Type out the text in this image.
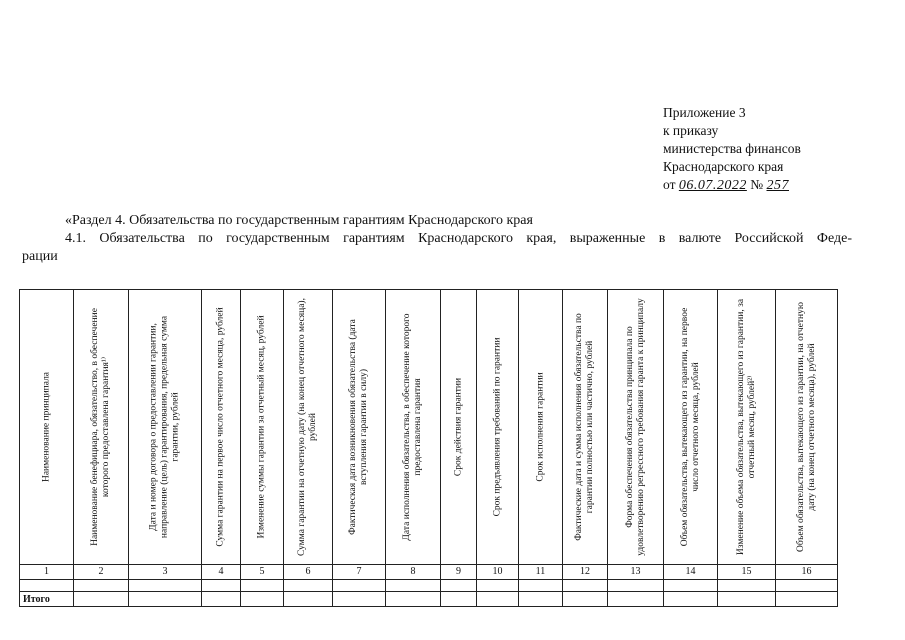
Приложение 3
к приказу
министерства финансов
Краснодарского края
от 06.07.2022 № 257
«Раздел 4. Обязательства по государственным гарантиям Краснодарского края
4.1. Обязательства по государственным гарантиям Краснодарского края, выраженные в валюте Российской Феде-
рации
Наименование принципала	Наименование бенефициара, обязательство, в обеспечение которого предоставлена гарантия¹⁾	Дата и номер договора о предоставлении гарантии, направление (цель) гарантирования, предельная сумма гарантии, рублей	Сумма гарантии на первое число отчетного месяца, рублей	Изменение суммы гарантии за отчетный месяц, рублей	Сумма гарантии на отчетную дату (на конец отчетного месяца), рублей	Фактическая дата возникновения обязательства (дата вступления гарантии в силу)	Дата исполнения обязательства, в обеспечение которого предоставлена гарантия	Срок действия гарантии	Срок предъявления требований по гарантии	Срок исполнения гарантии	Фактические дата и сумма исполнения обязательства по гарантии полностью или частично, рублей	Форма обеспечения обязательства принципала по удовлетворению регрессного требования гаранта к принципалу	Объем обязательства, вытекающего из гарантии, на первое число отчетного месяца, рублей	Изменение объема обязательства, вытекающего из гарантии, за отчетный месяц, рублей²⁾	Объем обязательства, вытекающего из гарантии, на отчетную дату (на конец отчетного месяца), рублей

1	2	3	4	5	6	7	8	9	10	11	12	13	14	15	16

Итого															
